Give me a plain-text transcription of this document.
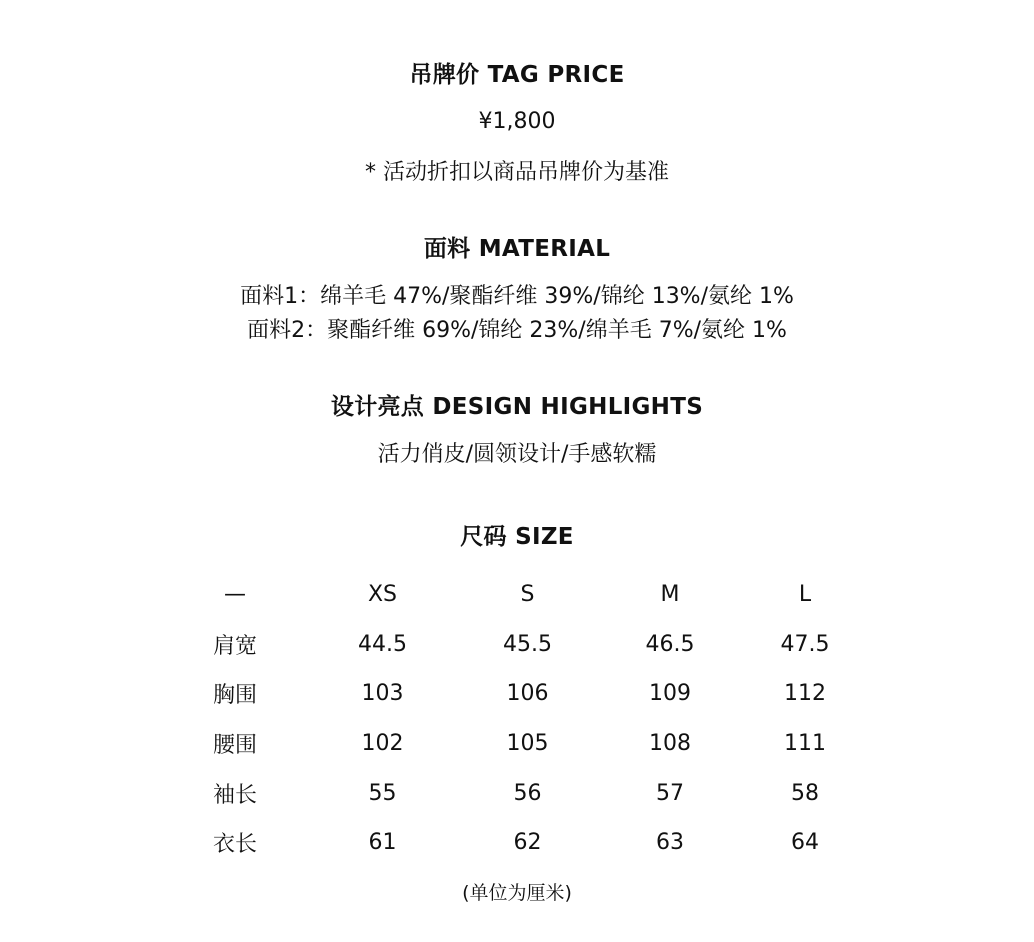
吊牌价 TAG PRICE
¥1,800
* 活动折扣以商品吊牌价为基准
面料 MATERIAL
面料1：绵羊毛 47%/聚酯纤维 39%/锦纶 13%/氨纶 1%
面料2：聚酯纤维 69%/锦纶 23%/绵羊毛 7%/氨纶 1%
设计亮点 DESIGN HIGHLIGHTS
活力俏皮/圆领设计/手感软糯
尺码 SIZE
—	XS	S	M	L
肩宽	44.5	45.5	46.5	47.5
胸围	103	106	109	112
腰围	102	105	108	111
袖长	55	56	57	58
衣长	61	62	63	64
(单位为厘米)
